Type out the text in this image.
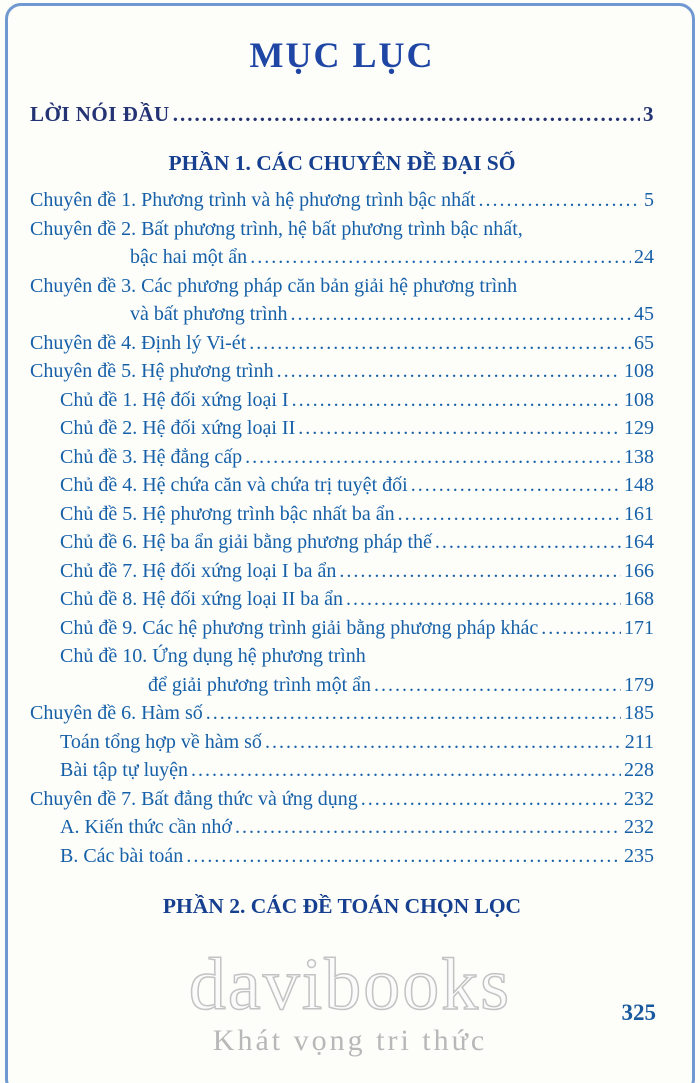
davibooks
Khát vọng tri thức
MỤC LỤC
LỜI NÓI ĐẦU .....	3
PHẦN 1. CÁC CHUYÊN ĐỀ ĐẠI SỐ
Chuyên đề 1. Phương trình và hệ phương trình bậc nhất .....	5
Chuyên đề 2. Bất phương trình, hệ bất phương trình bậc nhất,
bậc hai một ẩn .....	24
Chuyên đề 3. Các phương pháp căn bản giải hệ phương trình
và bất phương trình .....	45
Chuyên đề 4. Định lý Vi-ét .....	65
Chuyên đề 5. Hệ phương trình .....	108
Chủ đề 1. Hệ đối xứng loại I .....	108
Chủ đề 2. Hệ đối xứng loại II .....	129
Chủ đề 3. Hệ đẳng cấp .....	138
Chủ đề 4. Hệ chứa căn và chứa trị tuyệt đối .....	148
Chủ đề 5. Hệ phương trình bậc nhất ba ẩn .....	161
Chủ đề 6. Hệ ba ẩn giải bằng phương pháp thế .....	164
Chủ đề 7. Hệ đối xứng loại I ba ẩn .....	166
Chủ đề 8. Hệ đối xứng loại II ba ẩn .....	168
Chủ đề 9. Các hệ phương trình giải bằng phương pháp khác .....	171
Chủ đề 10. Ứng dụng hệ phương trình
để giải phương trình một ẩn .....	179
Chuyên đề 6. Hàm số .....	185
Toán tổng hợp về hàm số .....	211
Bài tập tự luyện .....	228
Chuyên đề 7. Bất đẳng thức và ứng dụng .....	232
A. Kiến thức cần nhớ .....	232
B. Các bài toán .....	235
PHẦN 2. CÁC ĐỀ TOÁN CHỌN LỌC
325
